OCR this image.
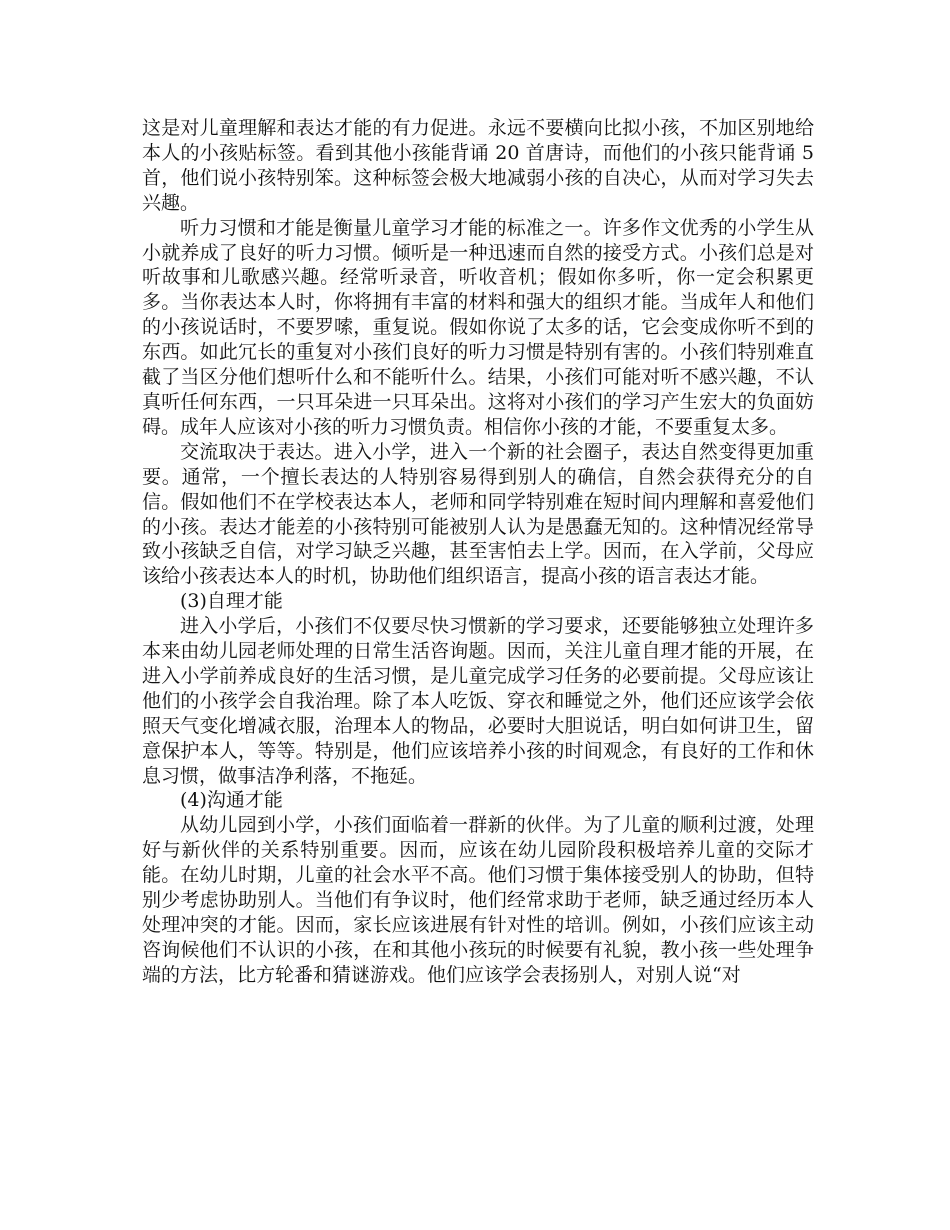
这是对儿童理解和表达才能的有力促进。永远不要横向比拟小孩，不加区别地给本人的小孩贴标签。看到其他小孩能背诵 20 首唐诗，而他们的小孩只能背诵 5 首，他们说小孩特别笨。这种标签会极大地减弱小孩的自决心，从而对学习失去兴趣。

听力习惯和才能是衡量儿童学习才能的标准之一。许多作文优秀的小学生从小就养成了良好的听力习惯。倾听是一种迅速而自然的接受方式。小孩们总是对听故事和儿歌感兴趣。经常听录音，听收音机；假如你多听，你一定会积累更多。当你表达本人时，你将拥有丰富的材料和强大的组织才能。当成年人和他们的小孩说话时，不要罗嗦，重复说。假如你说了太多的话，它会变成你听不到的东西。如此冗长的重复对小孩们良好的听力习惯是特别有害的。小孩们特别难直截了当区分他们想听什么和不能听什么。结果，小孩们可能对听不感兴趣，不认真听任何东西，一只耳朵进一只耳朵出。这将对小孩们的学习产生宏大的负面妨碍。成年人应该对小孩的听力习惯负责。相信你小孩的才能，不要重复太多。

交流取决于表达。进入小学，进入一个新的社会圈子，表达自然变得更加重要。通常，一个擅长表达的人特别容易得到别人的确信，自然会获得充分的自信。假如他们不在学校表达本人，老师和同学特别难在短时间内理解和喜爱他们的小孩。表达才能差的小孩特别可能被别人认为是愚蠢无知的。这种情况经常导致小孩缺乏自信，对学习缺乏兴趣，甚至害怕去上学。因而，在入学前，父母应该给小孩表达本人的时机，协助他们组织语言，提高小孩的语言表达才能。

(3)自理才能

进入小学后，小孩们不仅要尽快习惯新的学习要求，还要能够独立处理许多本来由幼儿园老师处理的日常生活咨询题。因而，关注儿童自理才能的开展，在进入小学前养成良好的生活习惯，是儿童完成学习任务的必要前提。父母应该让他们的小孩学会自我治理。除了本人吃饭、穿衣和睡觉之外，他们还应该学会依照天气变化增减衣服，治理本人的物品，必要时大胆说话，明白如何讲卫生，留意保护本人，等等。特别是，他们应该培养小孩的时间观念，有良好的工作和休息习惯，做事洁净利落，不拖延。

(4)沟通才能

从幼儿园到小学，小孩们面临着一群新的伙伴。为了儿童的顺利过渡，处理好与新伙伴的关系特别重要。因而，应该在幼儿园阶段积极培养儿童的交际才能。在幼儿时期，儿童的社会水平不高。他们习惯于集体接受别人的协助，但特别少考虑协助别人。当他们有争议时，他们经常求助于老师，缺乏通过经历本人处理冲突的才能。因而，家长应该进展有针对性的培训。例如，小孩们应该主动咨询候他们不认识的小孩，在和其他小孩玩的时候要有礼貌，教小孩一些处理争端的方法，比方轮番和猜谜游戏。他们应该学会表扬别人，对别人说“对
